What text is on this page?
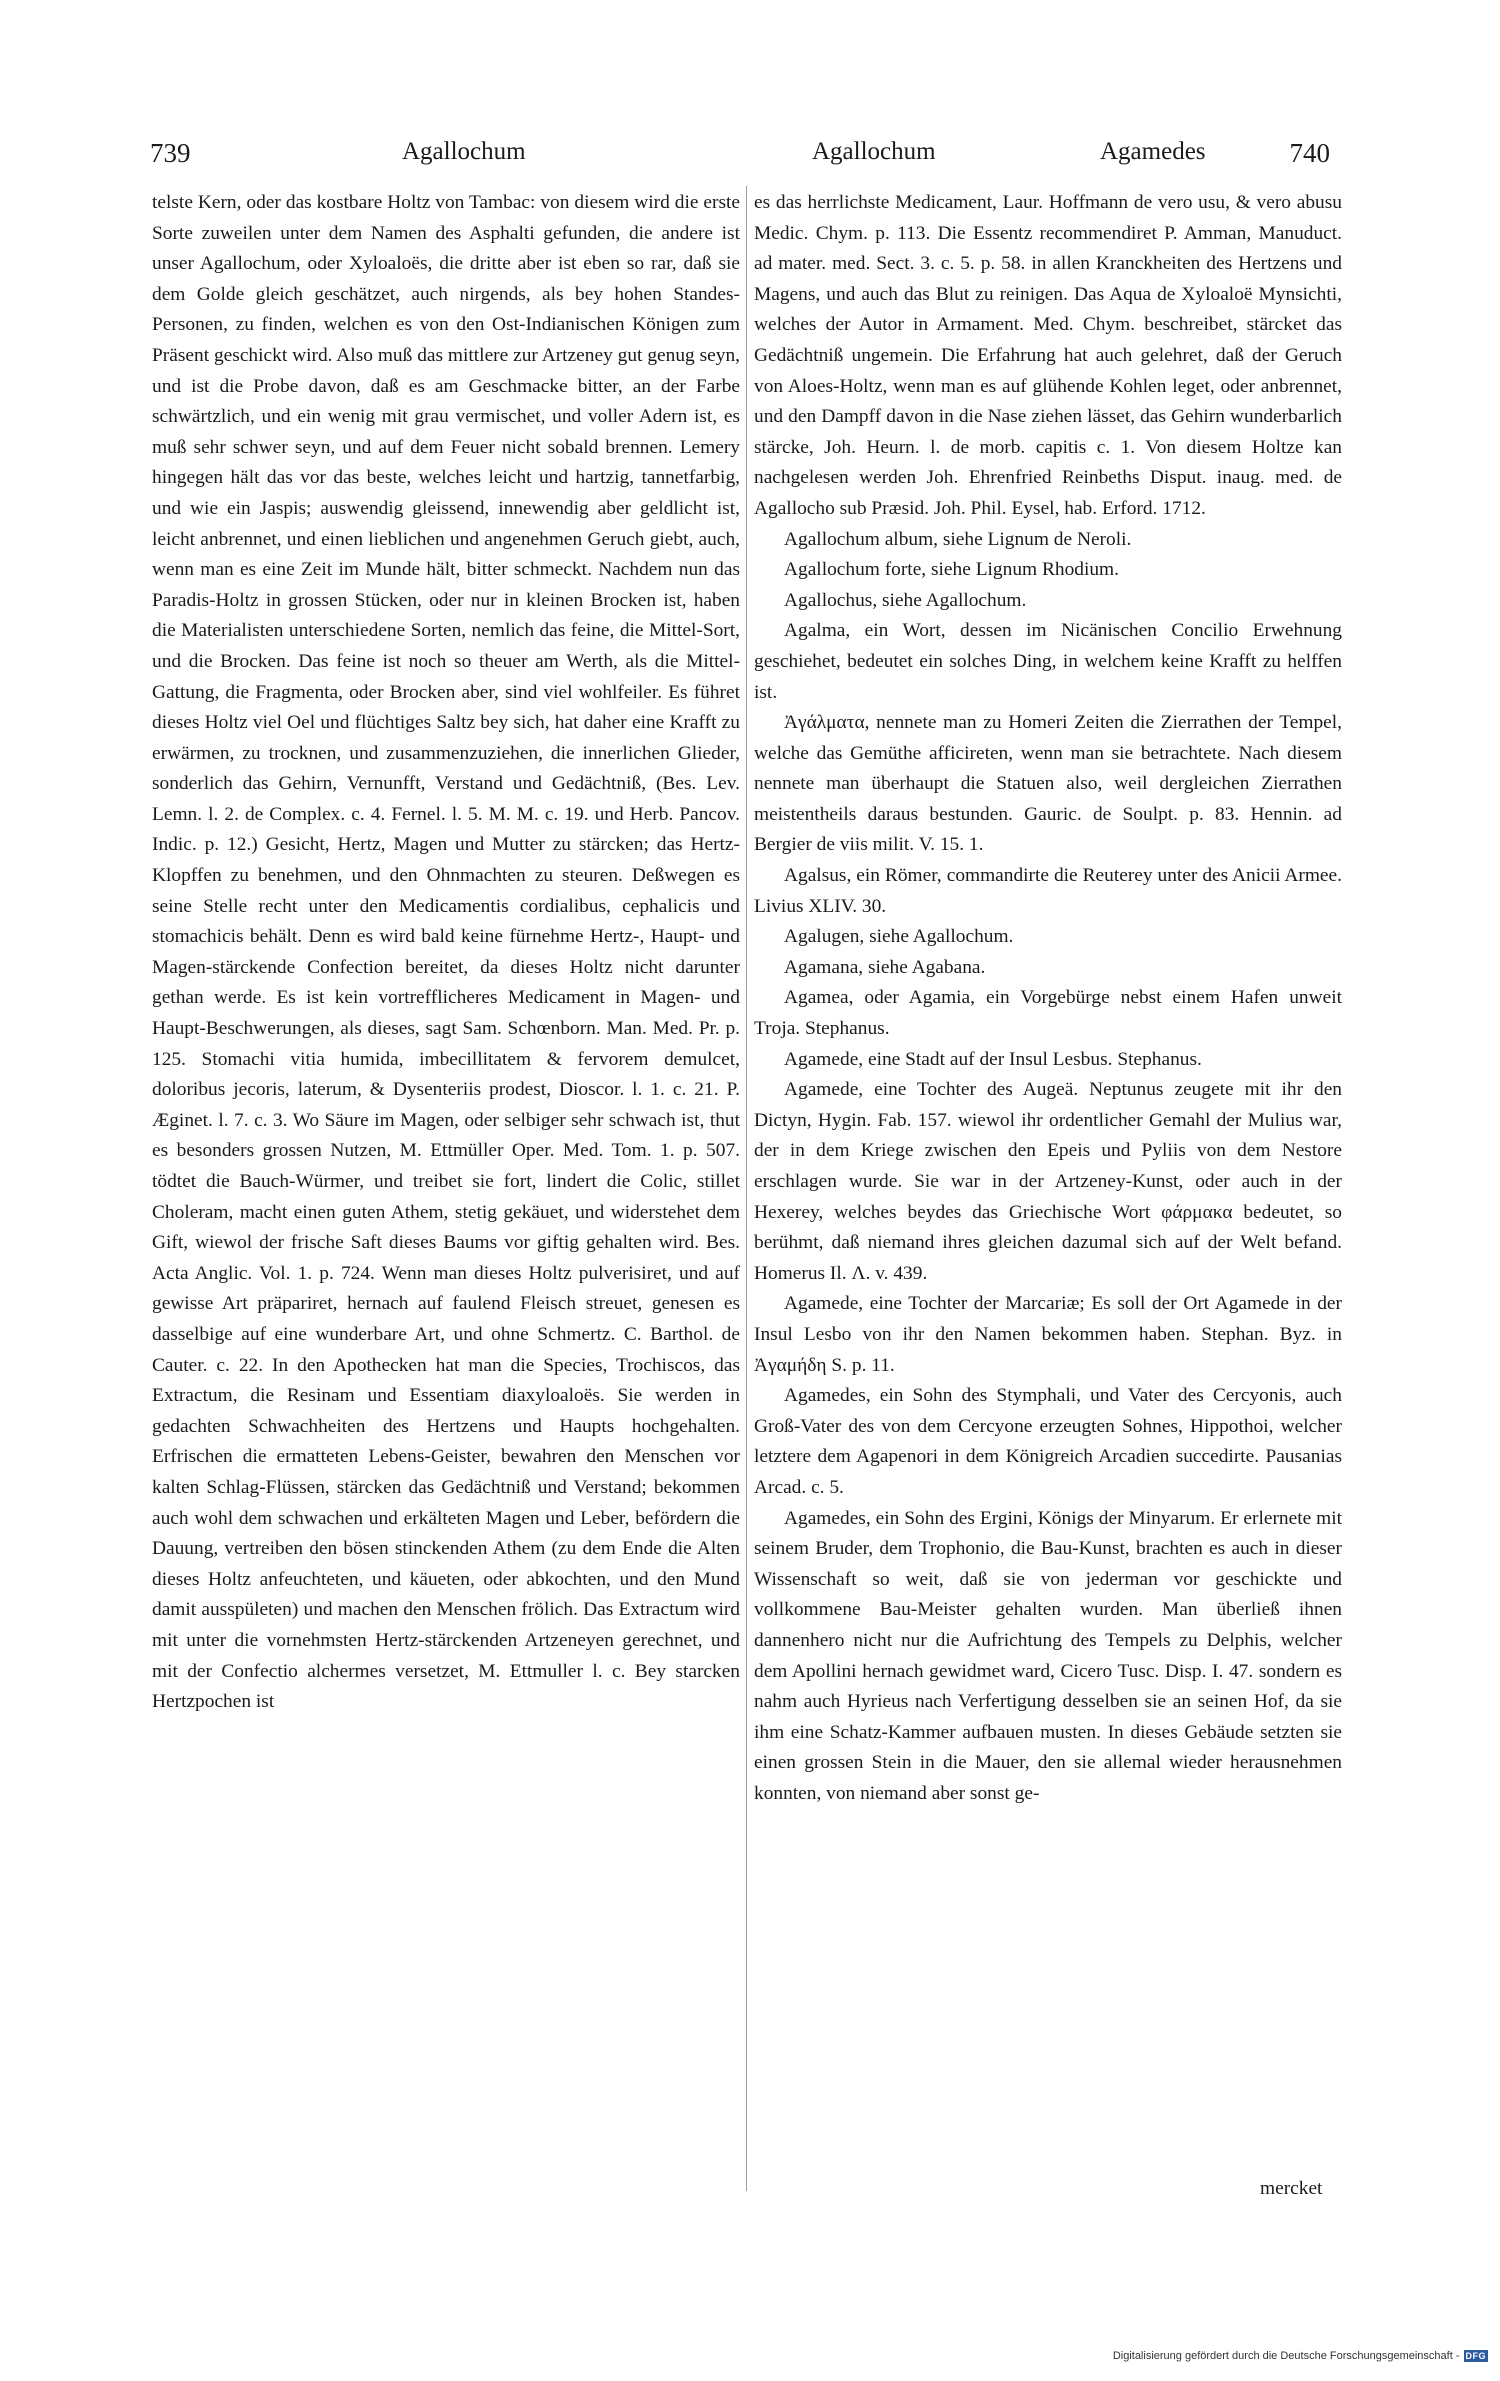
739	Agallochum	Agallochum	Agamedes	740

telste Kern, oder das kostbare Holtz von Tambac: von diesem wird die erste Sorte zuweilen unter dem Namen des Asphalti gefunden, die andere ist unser Agallochum, oder Xyloaloës, die dritte aber ist eben so rar, daß sie dem Golde gleich geschätzet, auch nirgends, als bey hohen Standes-Personen, zu finden, welchen es von den Ost-Indianischen Königen zum Präsent geschickt wird. Also muß das mittlere zur Artzeney gut genug seyn, und ist die Probe davon, daß es am Geschmacke bitter, an der Farbe schwärtzlich, und ein wenig mit grau vermischet, und voller Adern ist, es muß sehr schwer seyn, und auf dem Feuer nicht sobald brennen. Lemery hingegen hält das vor das beste, welches leicht und hartzig, tannetfarbig, und wie ein Jaspis; auswendig gleissend, innewendig aber geldlicht ist, leicht anbrennet, und einen lieblichen und angenehmen Geruch giebt, auch, wenn man es eine Zeit im Munde hält, bitter schmeckt. Nachdem nun das Paradis-Holtz in grossen Stücken, oder nur in kleinen Brocken ist, haben die Materialisten unterschiedene Sorten, nemlich das feine, die Mittel-Sort, und die Brocken. Das feine ist noch so theuer am Werth, als die Mittel-Gattung, die Fragmenta, oder Brocken aber, sind viel wohlfeiler. Es führet dieses Holtz viel Oel und flüchtiges Saltz bey sich, hat daher eine Krafft zu erwärmen, zu trocknen, und zusammenzuziehen, die innerlichen Glieder, sonderlich das Gehirn, Vernunfft, Verstand und Gedächtniß, (Bes. Lev. Lemn. l. 2. de Complex. c. 4. Fernel. l. 5. M. M. c. 19. und Herb. Pancov. Indic. p. 12.) Gesicht, Hertz, Magen und Mutter zu stärcken; das Hertz-Klopffen zu benehmen, und den Ohnmachten zu steuren. Deßwegen es seine Stelle recht unter den Medicamentis cordialibus, cephalicis und stomachicis behält. Denn es wird bald keine fürnehme Hertz-, Haupt- und Magen-stärckende Confection bereitet, da dieses Holtz nicht darunter gethan werde. Es ist kein vortrefflicheres Medicament in Magen- und Haupt-Beschwerungen, als dieses, sagt Sam. Schœnborn. Man. Med. Pr. p. 125. Stomachi vitia humida, imbecillitatem & fervorem demulcet, doloribus jecoris, laterum, & Dysenteriis prodest, Dioscor. l. 1. c. 21. P. Æginet. l. 7. c. 3. Wo Säure im Magen, oder selbiger sehr schwach ist, thut es besonders grossen Nutzen, M. Ettmüller Oper. Med. Tom. 1. p. 507. tödtet die Bauch-Würmer, und treibet sie fort, lindert die Colic, stillet Choleram, macht einen guten Athem, stetig gekäuet, und widerstehet dem Gift, wiewol der frische Saft dieses Baums vor giftig gehalten wird. Bes. Acta Anglic. Vol. 1. p. 724. Wenn man dieses Holtz pulverisiret, und auf gewisse Art präpariret, hernach auf faulend Fleisch streuet, genesen es dasselbige auf eine wunderbare Art, und ohne Schmertz. C. Barthol. de Cauter. c. 22. In den Apothecken hat man die Species, Trochiscos, das Extractum, die Resinam und Essentiam diaxyloaloës. Sie werden in gedachten Schwachheiten des Hertzens und Haupts hochgehalten. Erfrischen die ermatteten Lebens-Geister, bewahren den Menschen vor kalten Schlag-Flüssen, stärcken das Gedächtniß und Verstand; bekommen auch wohl dem schwachen und erkälteten Magen und Leber, befördern die Dauung, vertreiben den bösen stinckenden Athem (zu dem Ende die Alten dieses Holtz anfeuchteten, und käueten, oder abkochten, und den Mund damit ausspületen) und machen den Menschen frölich. Das Extractum wird mit unter die vornehmsten Hertz-stärckenden Artzeneyen gerechnet, und mit der Confectio alchermes versetzet, M. Ettmuller l. c. Bey starcken Hertzpochen ist

es das herrlichste Medicament, Laur. Hoffmann de vero usu, & vero abusu Medic. Chym. p. 113. Die Essentz recommendiret P. Amman, Manuduct. ad mater. med. Sect. 3. c. 5. p. 58. in allen Kranckheiten des Hertzens und Magens, und auch das Blut zu reinigen. Das Aqua de Xyloaloë Mynsichti, welches der Autor in Armament. Med. Chym. beschreibet, stärcket das Gedächtniß ungemein. Die Erfahrung hat auch gelehret, daß der Geruch von Aloes-Holtz, wenn man es auf glühende Kohlen leget, oder anbrennet, und den Dampff davon in die Nase ziehen lässet, das Gehirn wunderbarlich stärcke, Joh. Heurn. l. de morb. capitis c. 1. Von diesem Holtze kan nachgelesen werden Joh. Ehrenfried Reinbeths Disput. inaug. med. de Agallocho sub Præsid. Joh. Phil. Eysel, hab. Erford. 1712.

Agallochum album, siehe Lignum de Neroli.

Agallochum forte, siehe Lignum Rhodium.

Agallochus, siehe Agallochum.

Agalma, ein Wort, dessen im Nicänischen Concilio Erwehnung geschiehet, bedeutet ein solches Ding, in welchem keine Krafft zu helffen ist.

Ἀγάλματα, nennete man zu Homeri Zeiten die Zierrathen der Tempel, welche das Gemüthe afficireten, wenn man sie betrachtete. Nach diesem nennete man überhaupt die Statuen also, weil dergleichen Zierrathen meistentheils daraus bestunden. Gauric. de Soulpt. p. 83. Hennin. ad Bergier de viis milit. V. 15. 1.

Agalsus, ein Römer, commandirte die Reuterey unter des Anicii Armee. Livius XLIV. 30.

Agalugen, siehe Agallochum.

Agamana, siehe Agabana.

Agamea, oder Agamia, ein Vorgebürge nebst einem Hafen unweit Troja. Stephanus.

Agamede, eine Stadt auf der Insul Lesbus. Stephanus.

Agamede, eine Tochter des Augeä. Neptunus zeugete mit ihr den Dictyn, Hygin. Fab. 157. wiewol ihr ordentlicher Gemahl der Mulius war, der in dem Kriege zwischen den Epeis und Pyliis von dem Nestore erschlagen wurde. Sie war in der Artzeney-Kunst, oder auch in der Hexerey, welches beydes das Griechische Wort φάρμακα bedeutet, so berühmt, daß niemand ihres gleichen dazumal sich auf der Welt befand. Homerus Il. Λ. v. 439.

Agamede, eine Tochter der Marcariæ; Es soll der Ort Agamede in der Insul Lesbo von ihr den Namen bekommen haben. Stephan. Byz. in Ἀγαμήδη S. p. 11.

Agamedes, ein Sohn des Stymphali, und Vater des Cercyonis, auch Groß-Vater des von dem Cercyone erzeugten Sohnes, Hippothoi, welcher letztere dem Agapenori in dem Königreich Arcadien succedirte. Pausanias Arcad. c. 5.

Agamedes, ein Sohn des Ergini, Königs der Minyarum. Er erlernete mit seinem Bruder, dem Trophonio, die Bau-Kunst, brachten es auch in dieser Wissenschaft so weit, daß sie von jederman vor geschickte und vollkommene Bau-Meister gehalten wurden. Man überließ ihnen dannenhero nicht nur die Aufrichtung des Tempels zu Delphis, welcher dem Apollini hernach gewidmet ward, Cicero Tusc. Disp. I. 47. sondern es nahm auch Hyrieus nach Verfertigung desselben sie an seinen Hof, da sie ihm eine Schatz-Kammer aufbauen musten. In dieses Gebäude setzten sie einen grossen Stein in die Mauer, den sie allemal wieder herausnehmen konnten, von niemand aber sonst ge-

mercket
Digitalisierung gefördert durch die Deutsche Forschungsgemeinschaft - DFG
